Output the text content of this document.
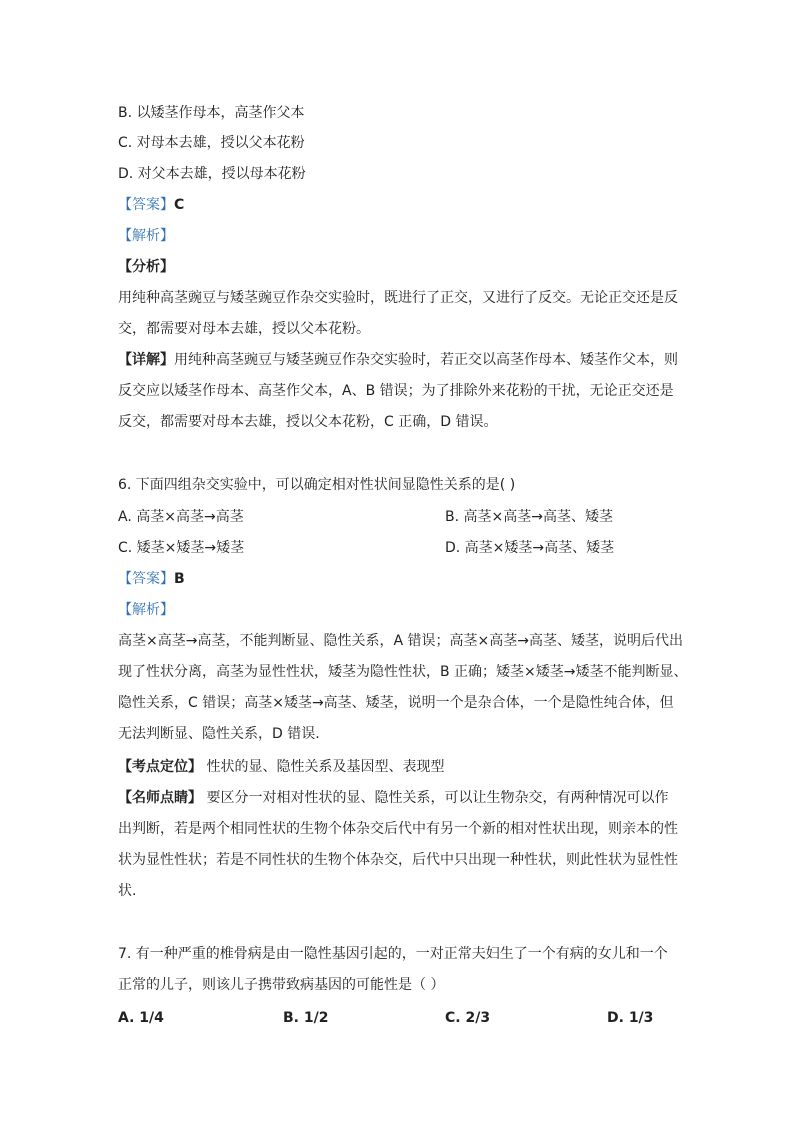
B. 以矮茎作母本，高茎作父本
C. 对母本去雄，授以父本花粉
D. 对父本去雄，授以母本花粉
【答案】C
【解析】
【分析】
用纯种高茎豌豆与矮茎豌豆作杂交实验时，既进行了正交，又进行了反交。无论正交还是反
交，都需要对母本去雄，授以父本花粉。
【详解】用纯种高茎豌豆与矮茎豌豆作杂交实验时，若正交以高茎作母本、矮茎作父本，则
反交应以矮茎作母本、高茎作父本，A、B 错误；为了排除外来花粉的干扰，无论正交还是
反交，都需要对母本去雄，授以父本花粉，C 正确，D 错误。
6. 下面四组杂交实验中，可以确定相对性状间显隐性关系的是( )
A. 高茎×高茎→高茎	B. 高茎×高茎→高茎、矮茎
C. 矮茎×矮茎→矮茎	D. 高茎×矮茎→高茎、矮茎
【答案】B
【解析】
高茎×高茎→高茎，不能判断显、隐性关系，A 错误；高茎×高茎→高茎、矮茎，说明后代出
现了性状分离，高茎为显性性状，矮茎为隐性性状，B 正确；矮茎×矮茎→矮茎不能判断显、
隐性关系，C 错误；高茎×矮茎→高茎、矮茎，说明一个是杂合体，一个是隐性纯合体，但
无法判断显、隐性关系，D 错误.
【考点定位】 性状的显、隐性关系及基因型、表现型
【名师点睛】 要区分一对相对性状的显、隐性关系，可以让生物杂交，有两种情况可以作
出判断，若是两个相同性状的生物个体杂交后代中有另一个新的相对性状出现，则亲本的性
状为显性性状；若是不同性状的生物个体杂交，后代中只出现一种性状，则此性状为显性性
状.
7. 有一种严重的椎骨病是由一隐性基因引起的，一对正常夫妇生了一个有病的女儿和一个
正常的儿子，则该儿子携带致病基因的可能性是（ ）
A. 1/4	B. 1/2	C. 2/3	D. 1/3
